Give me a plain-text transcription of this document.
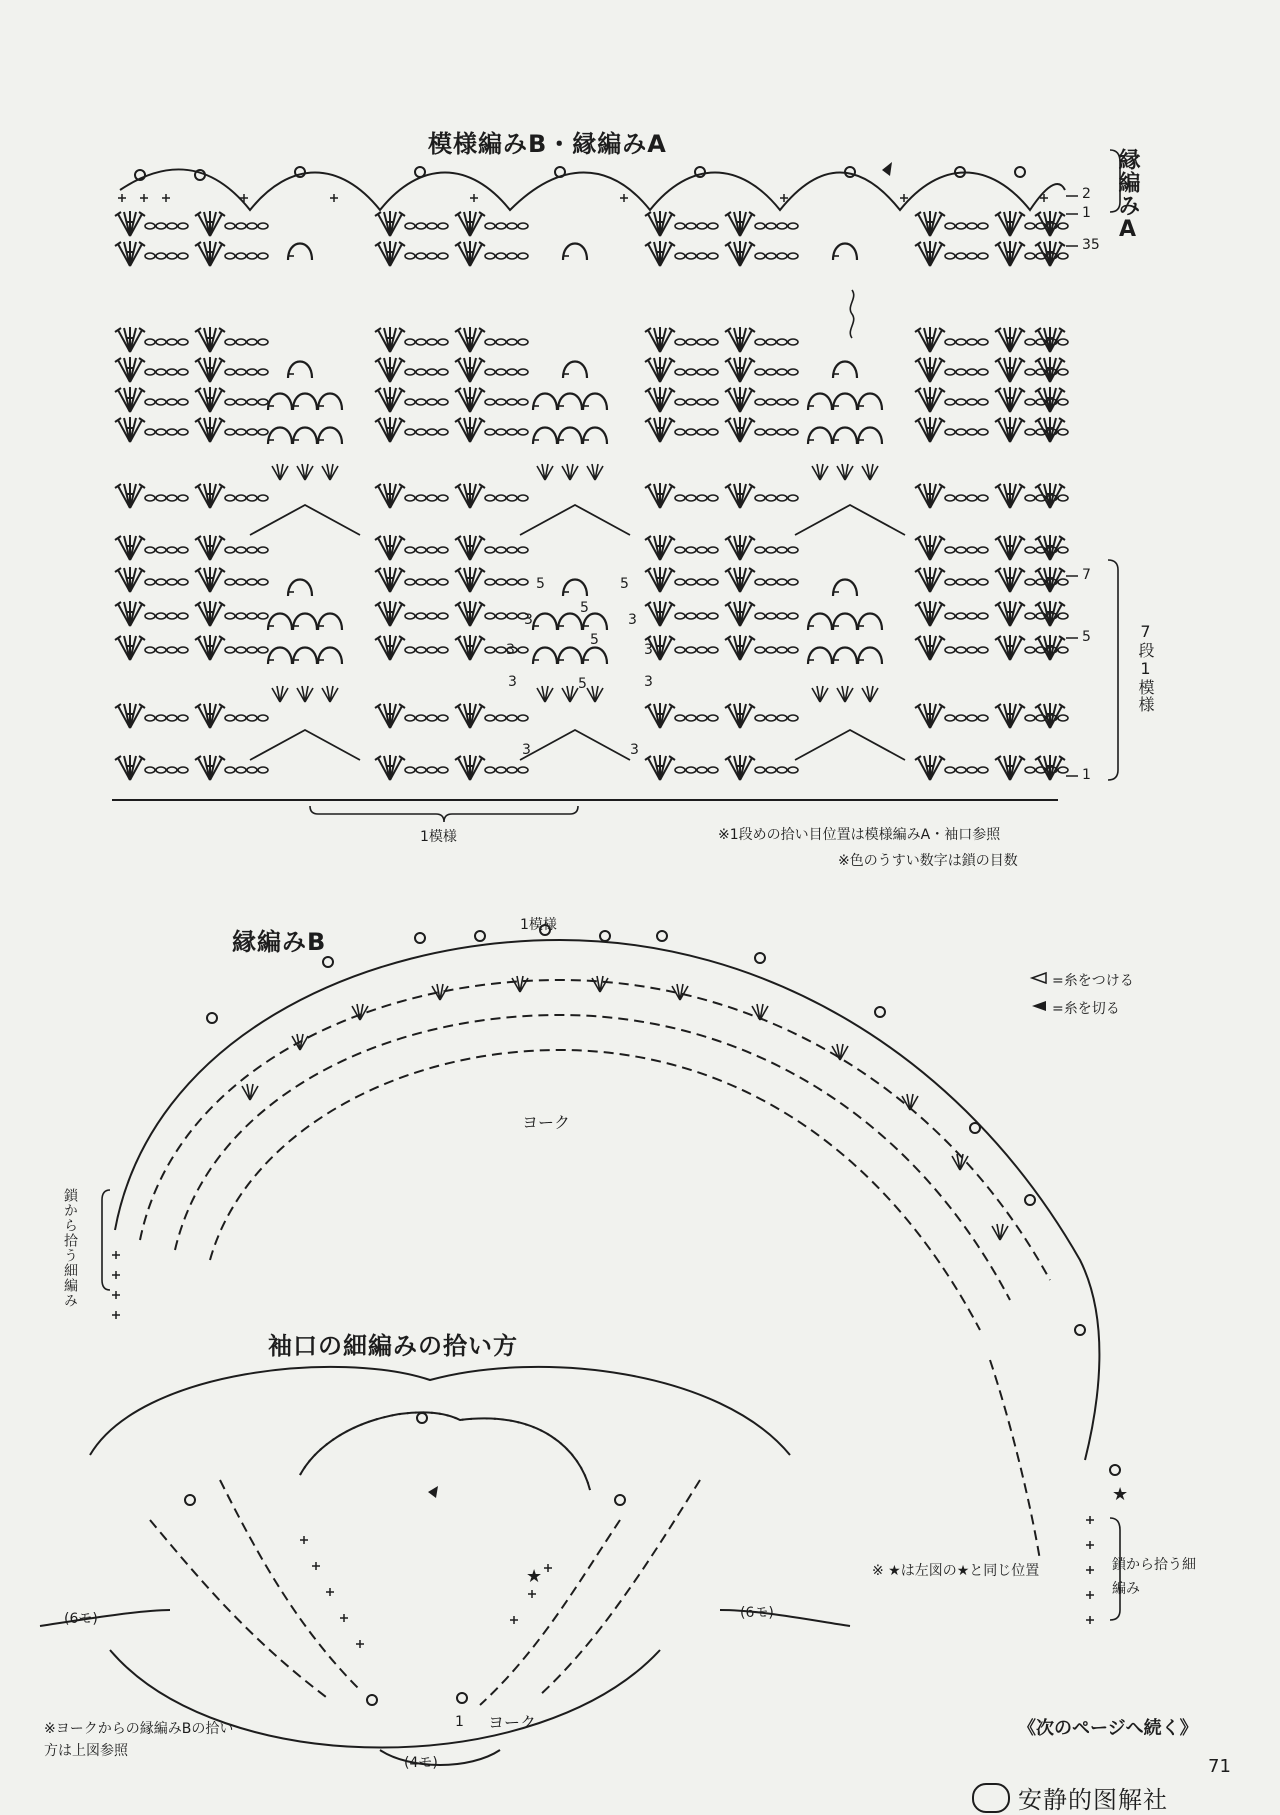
模様編みB・縁編みA
縁編みA
2
1
35
7
5
1
7段1模様
1模様
5	5
3
5
3
3
5
3
3	5	3
3	3
※1段めの拾い目位置は模様編みA・袖口参照
※色のうすい数字は鎖の目数
縁編みB
1模様
ヨーク
★
=糸をつける
=糸を切る
鎖から拾う細編み
鎖から拾う細編み
※ ★は左図の★と同じ位置
袖口の細編みの拾い方
★
(6モ)	(6モ)
(4モ)
1 ヨーク
※ヨークからの縁編みBの拾い方は上図参照
《次のページへ続く》
71
安静的图解社
